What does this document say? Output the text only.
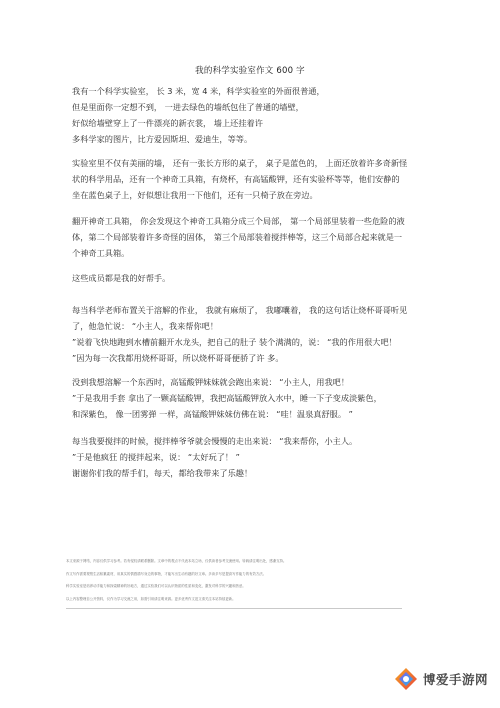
我的科学实验室作文 600 字
我有一个科学实验室， 长 3 米，宽 4 米，科学实验室的外面很普通，
但是里面你一定想不到， 一进去绿色的墙纸包住了普通的墙壁，
好似给墙壁穿上了一件漂亮的新衣裳， 墙上还挂着许
多科学家的图片，比方爱因斯坦、爱迪生，等等。
实验室里不仅有美丽的墙， 还有一张长方形的桌子， 桌子是蓝色的， 上面还放着许多奇新怪
状的科学用品，还有一个神奇工具箱，有烧杯，有高锰酸钾，还有实验杯等等，他们安静的
坐在蓝色桌子上，好似想让我用一下他们，还有一只椅子放在旁边。
翻开神奇工具箱， 你会发现这个神奇工具箱分成三个局部， 第一个局部里装着一些危险的液
体，第二个局部装着许多奇怪的固体， 第三个局部装着搅拌棒等，这三个局部合起来就是一
个神奇工具箱。
这些成员都是我的好帮手。
每当科学老师布置关于溶解的作业， 我就有麻烦了， 我嘟囔着， 我的这句话让烧杯哥哥听见
了，他急忙说： “小主人，我来帮你吧！
”说着飞快地跑到水槽前翻开水龙头，把自己的肚子 装个满满的，说： “我的作用很大吧！
”因为每一次我都用烧杯哥哥，所以烧杯哥哥便骄了许 多。
没到我想溶解一个东西时，高锰酸钾妹妹就会跑出来说： “小主人，用我吧！
”于是我用手套 拿出了一颗高锰酸钾，我把高锰酸钾放入水中，睡一下子变成淡紫色，
和深紫色， 像一团雾弹 一样，高锰酸钾妹妹仿佛在说： “哇！温泉真舒服。 ”
每当我要搅拌的时候，搅拌棒爷爷就会慢慢的走出来说： “我来帮你，小主人。
”于是他疯狂 的搅拌起来，说： “太好玩了！ ”
谢谢你们我的帮手们，每天，都给我带来了乐趣！
本文来源于网络，内容仅供学习参考。若有侵权请联系删除。文章中的观点不代表本站立场，仅供读者参考交流使用。转载请注明出处，感谢支持。
作文写作需要观察生活积累素材，用真实的情感描写身边的事物，才能写出生动有趣的好文章。多读多写是提高写作能力的有效方法。
科学实验室是培养动手能力和探索精神的好地方，通过实验我们可以认识物质的性质和变化，激发对科学的兴趣和热爱。
以上内容整理自公开资料，仅作为学习交流之用，如需引用请注明来源。更多优秀作文范文请关注本站持续更新。
博爱手游网
